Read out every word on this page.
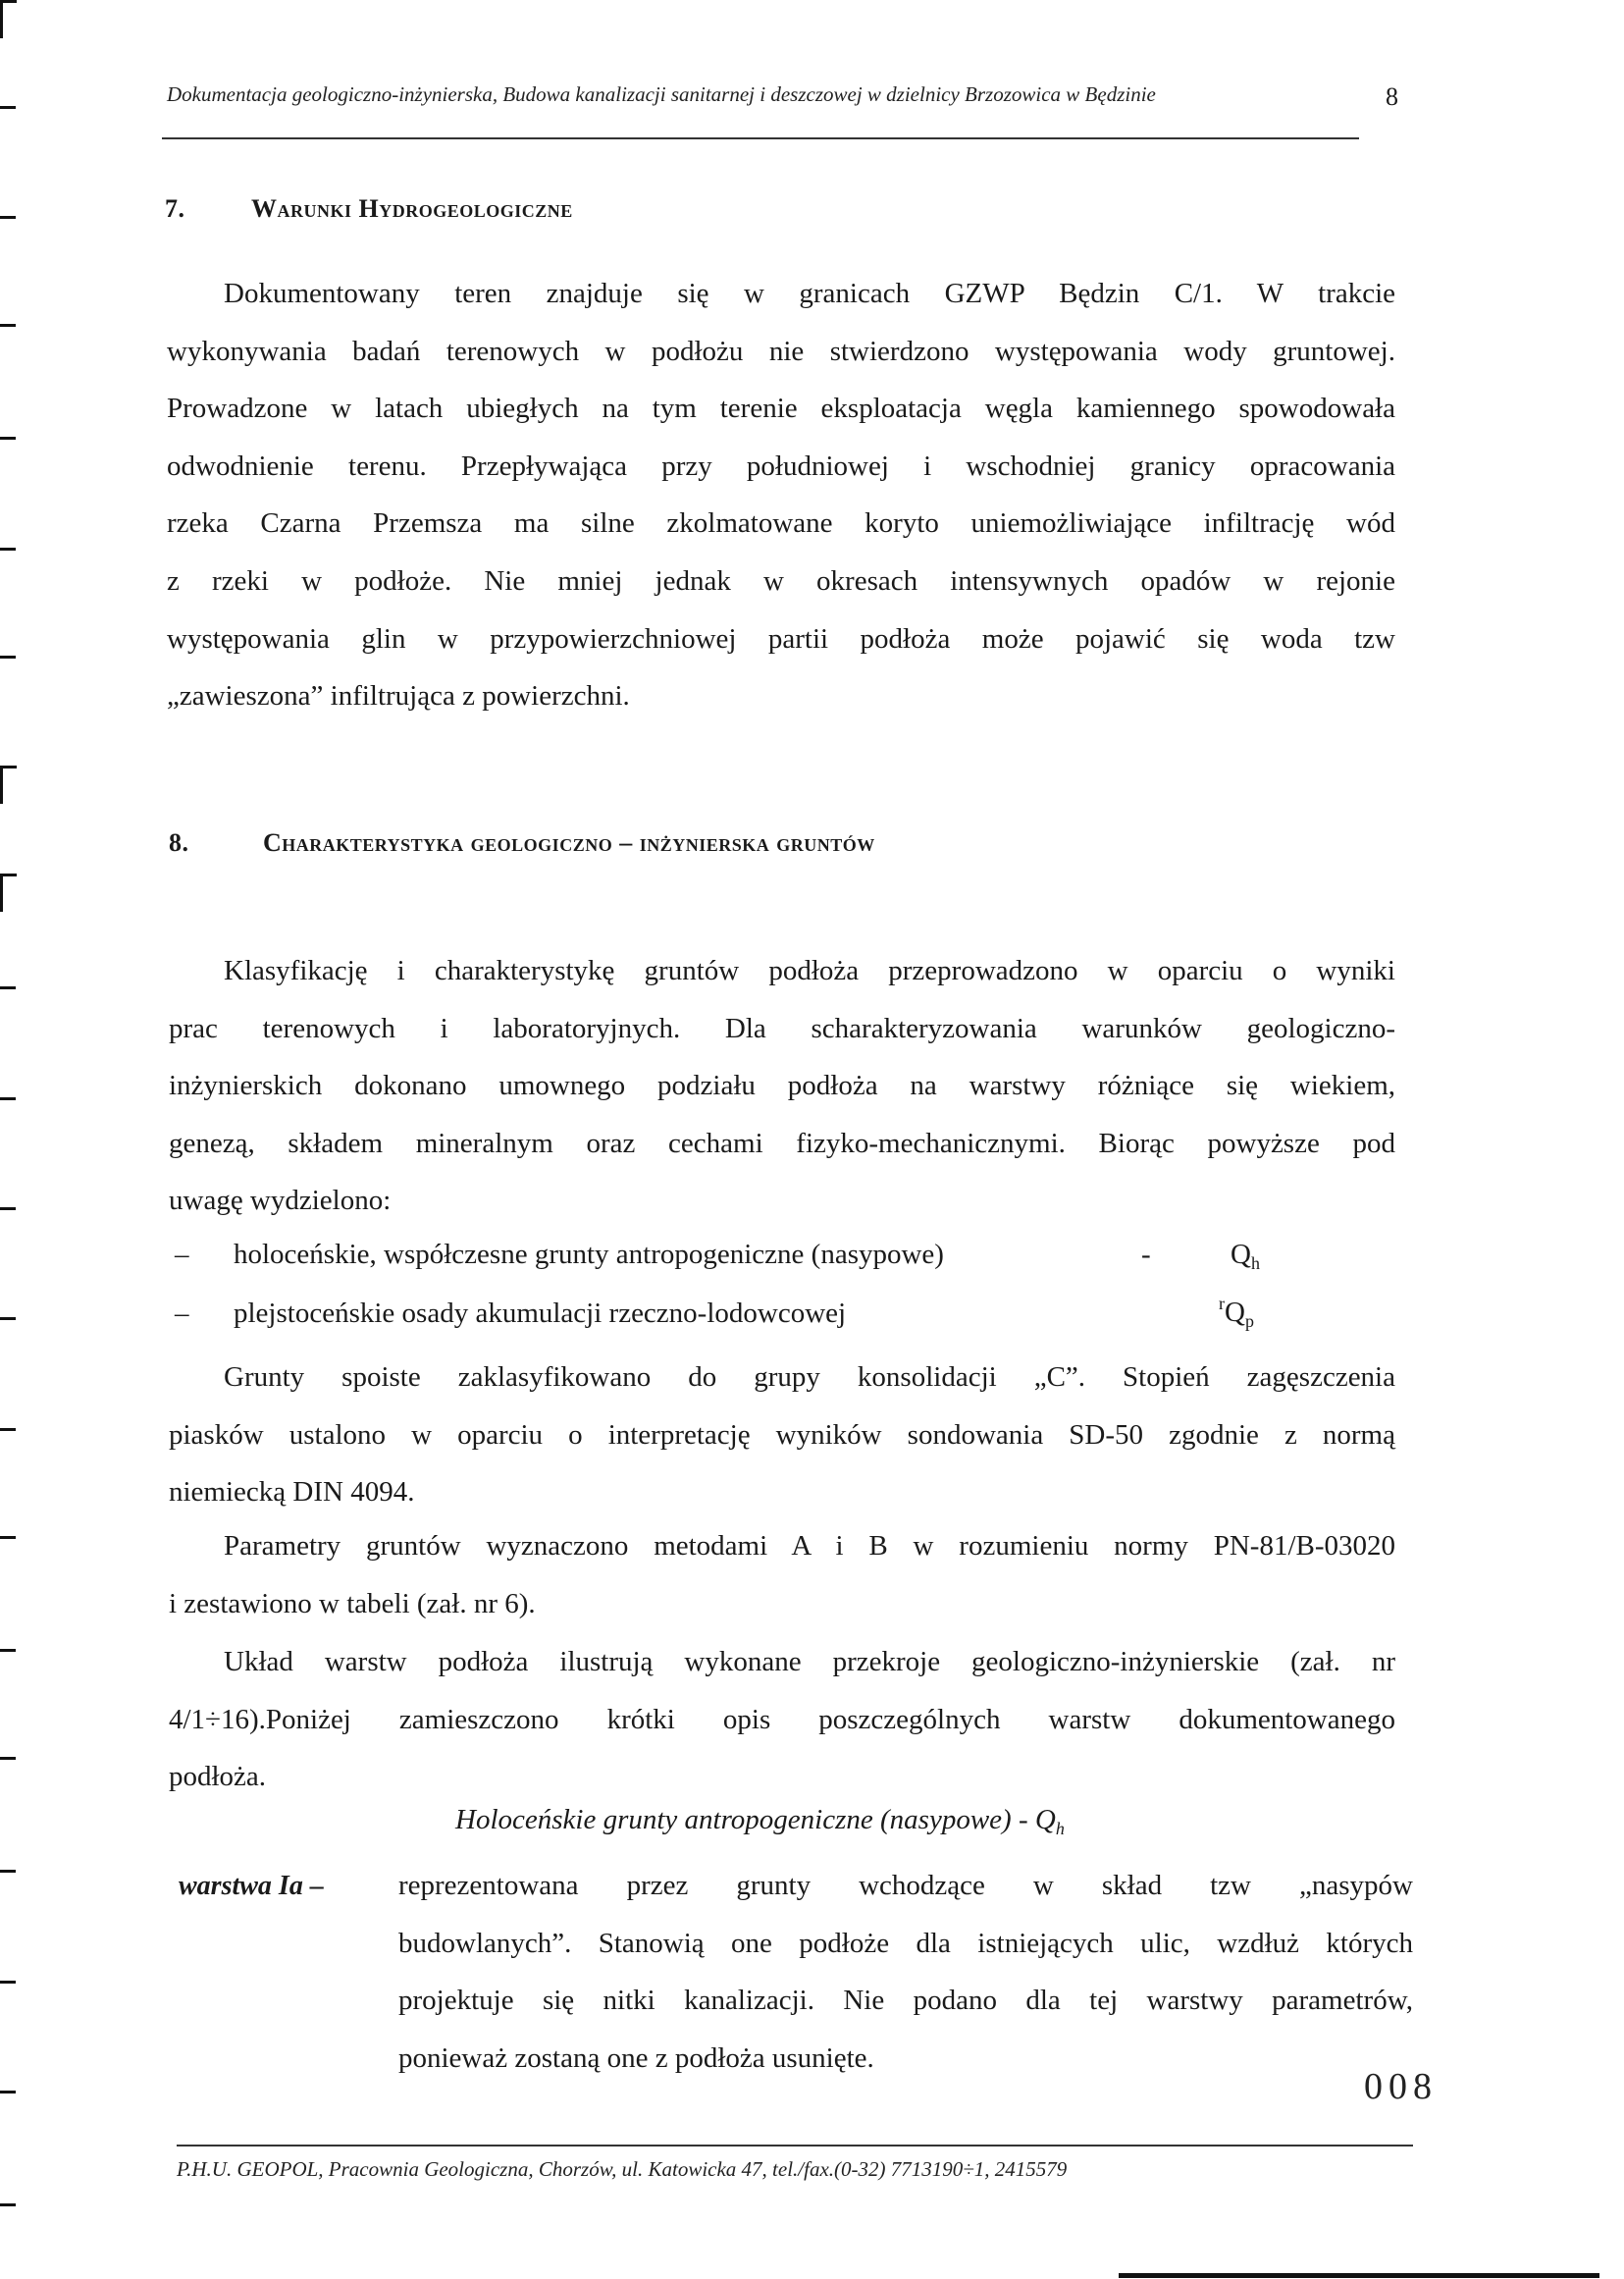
Dokumentacja geologiczno-inżynierska, Budowa kanalizacji sanitarnej i deszczowej w dzielnicy Brzozowica w Będzinie	8
7.	Warunki Hydrogeologiczne
Dokumentowany teren znajduje się w granicach GZWP Będzin C/1. W trakcie
wykonywania badań terenowych w podłożu nie stwierdzono występowania wody gruntowej.
Prowadzone w latach ubiegłych na tym terenie eksploatacja węgla kamiennego spowodowała
odwodnienie terenu. Przepływająca przy południowej i wschodniej granicy opracowania
rzeka Czarna Przemsza ma silne zkolmatowane koryto uniemożliwiające infiltrację wód
z rzeki w podłoże. Nie mniej jednak w okresach intensywnych opadów w rejonie
występowania glin w przypowierzchniowej partii podłoża może pojawić się woda tzw
„zawieszona” infiltrująca z powierzchni.
8.	Charakterystyka geologiczno – inżynierska gruntów
Klasyfikację i charakterystykę gruntów podłoża przeprowadzono w oparciu o wyniki
prac terenowych i laboratoryjnych. Dla scharakteryzowania warunków geologiczno-
inżynierskich dokonano umownego podziału podłoża na warstwy różniące się wiekiem,
genezą, składem mineralnym oraz cechami fizyko-mechanicznymi. Biorąc powyższe pod
uwagę wydzielono:
– holoceńskie, współczesne grunty antropogeniczne (nasypowe)	-	$Q_h$
– plejstoceńskie osady akumulacji rzeczno-lodowcowej	$^rQ_p$
Grunty spoiste zaklasyfikowano do grupy konsolidacji „C”. Stopień zagęszczenia
piasków ustalono w oparciu o interpretację wyników sondowania SD-50 zgodnie z normą
niemiecką DIN 4094.
Parametry gruntów wyznaczono metodami A i B w rozumieniu normy PN-81/B-03020
i zestawiono w tabeli (zał. nr 6).
Układ warstw podłoża ilustrują wykonane przekroje geologiczno-inżynierskie (zał. nr
4/1÷16).Poniżej zamieszczono krótki opis poszczególnych warstw dokumentowanego
podłoża.
Holoceńskie grunty antropogeniczne (nasypowe) - $Q_h$
warstwa Ia –	reprezentowana przez grunty wchodzące w skład tzw „nasypów
budowlanych”. Stanowią one podłoże dla istniejących ulic, wzdłuż których
projektuje się nitki kanalizacji. Nie podano dla tej warstwy parametrów,
ponieważ zostaną one z podłoża usunięte.
008
P.H.U. GEOPOL, Pracownia Geologiczna, Chorzów, ul. Katowicka 47, tel./fax.(0-32) 7713190÷1, 2415579
